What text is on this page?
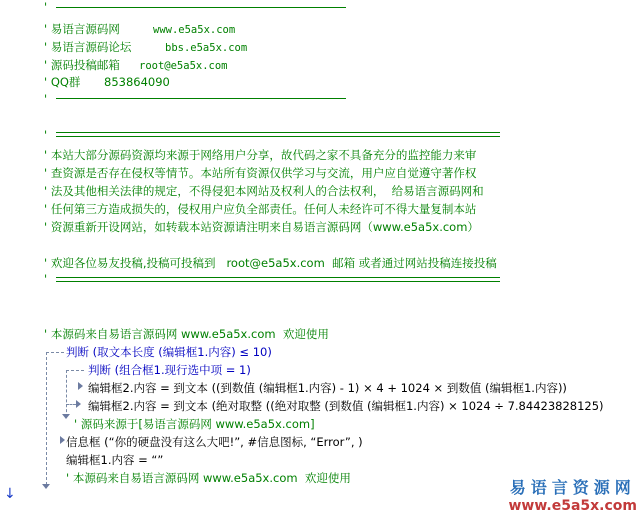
'
' 易语言源码网	www.e5a5x.com
' 易语言源码论坛	bbs.e5a5x.com
' 源码投稿邮箱 root@e5a5x.com
' QQ群 853864090
'
'
' 本站大部分源码资源均来源于网络用户分享，故代码之家不具备充分的监控能力来审
' 查资源是否存在侵权等情节。本站所有资源仅供学习与交流，用户应自觉遵守著作权
' 法及其他相关法律的规定，不得侵犯本网站及权利人的合法权利，  给易语言源码网和
' 任何第三方造成损失的，侵权用户应负全部责任。任何人未经许可不得大量复制本站
' 资源重新开设网站，如转载本站资源请注明来自易语言源码网（www.e5a5x.com）
' 欢迎各位易友投稿,投稿可投稿到   root@e5a5x.com  邮箱 或者通过网站投稿连接投稿
'
' 本源码来自易语言源码网 www.e5a5x.com  欢迎使用
判断 (取文本长度 (编辑框1.内容) ≤ 10)
判断 (组合框1.现行选中项 = 1)
编辑框2.内容 = 到文本 ((到数值 (编辑框1.内容) - 1) × 4 + 1024 × 到数值 (编辑框1.内容))
编辑框2.内容 = 到文本 (绝对取整 ((绝对取整 (到数值 (编辑框1.内容) × 1024 ÷ 7.84423828125)
' 源码来源于[易语言源码网 www.e5a5x.com]
信息框 (“你的硬盘没有这么大吧!”, #信息图标, “Error”, )
编辑框1.内容 = “”
' 本源码来自易语言源码网 www.e5a5x.com  欢迎使用
↓	易语言资源网
www.e5a5x.com
